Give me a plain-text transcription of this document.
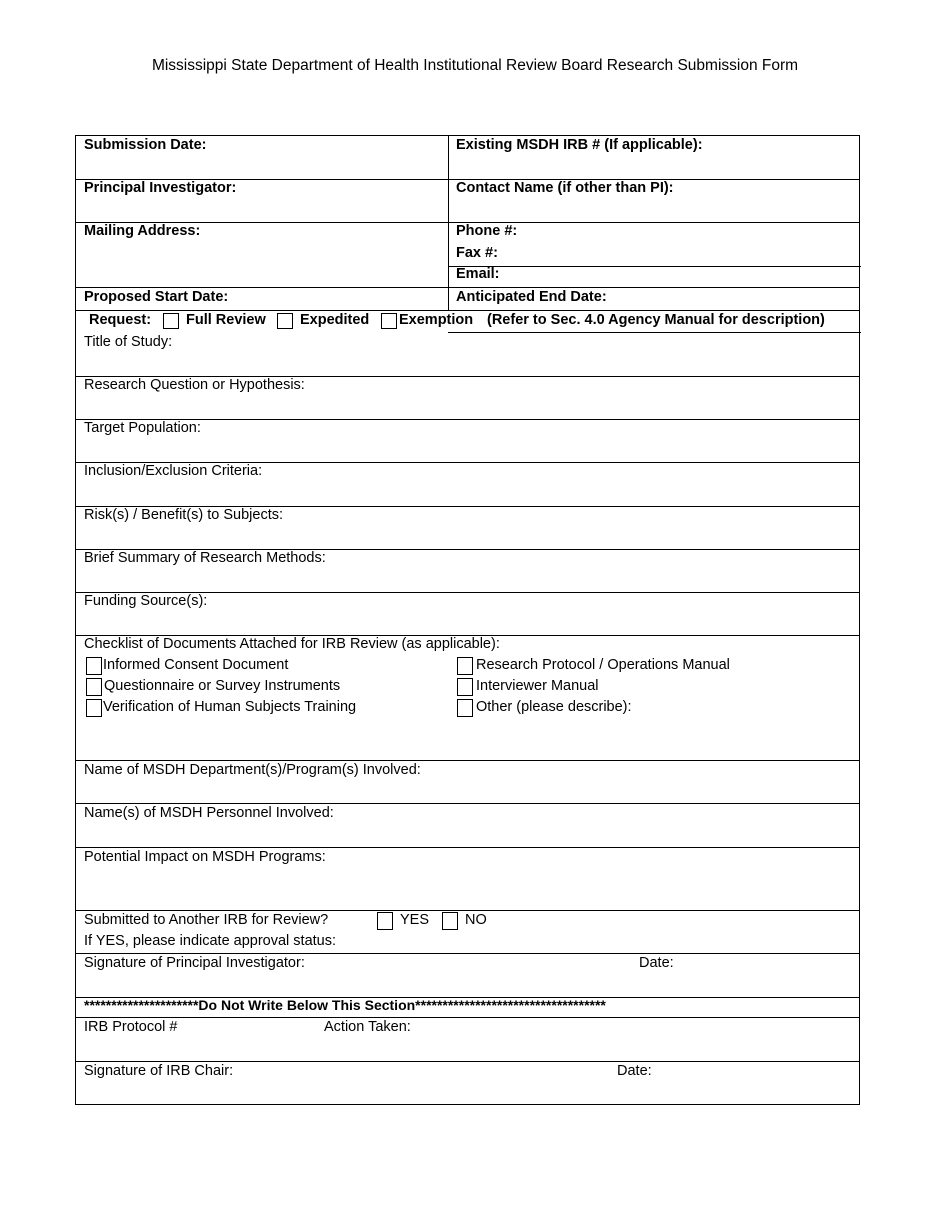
Mississippi State Department of Health Institutional Review Board Research Submission Form
Submission Date:	Existing MSDH IRB # (If applicable):
Principal Investigator:	Contact Name (if other than PI):
Mailing Address:	Phone #:
Fax #:
Email:
Proposed Start Date:	Anticipated End Date:
Request: Full Review Expedited Exemption (Refer to Sec. 4.0 Agency Manual for description)
Title of Study:
Research Question or Hypothesis:
Target Population:
Inclusion/Exclusion Criteria:
Risk(s) / Benefit(s) to Subjects:
Brief Summary of Research Methods:
Funding Source(s):
Checklist of Documents Attached for IRB Review (as applicable):
Informed Consent Document
Questionnaire or Survey Instruments
Verification of Human Subjects Training
Research Protocol / Operations Manual
Interviewer Manual
Other (please describe):
Name of MSDH Department(s)/Program(s) Involved:
Name(s) of MSDH Personnel Involved:
Potential Impact on MSDH Programs:
Submitted to Another IRB for Review?	YES NO
If YES, please indicate approval status:
Signature of Principal Investigator:	Date:
*********************Do Not Write Below This Section***********************************
IRB Protocol #	Action Taken:
Signature of IRB Chair:	Date:
